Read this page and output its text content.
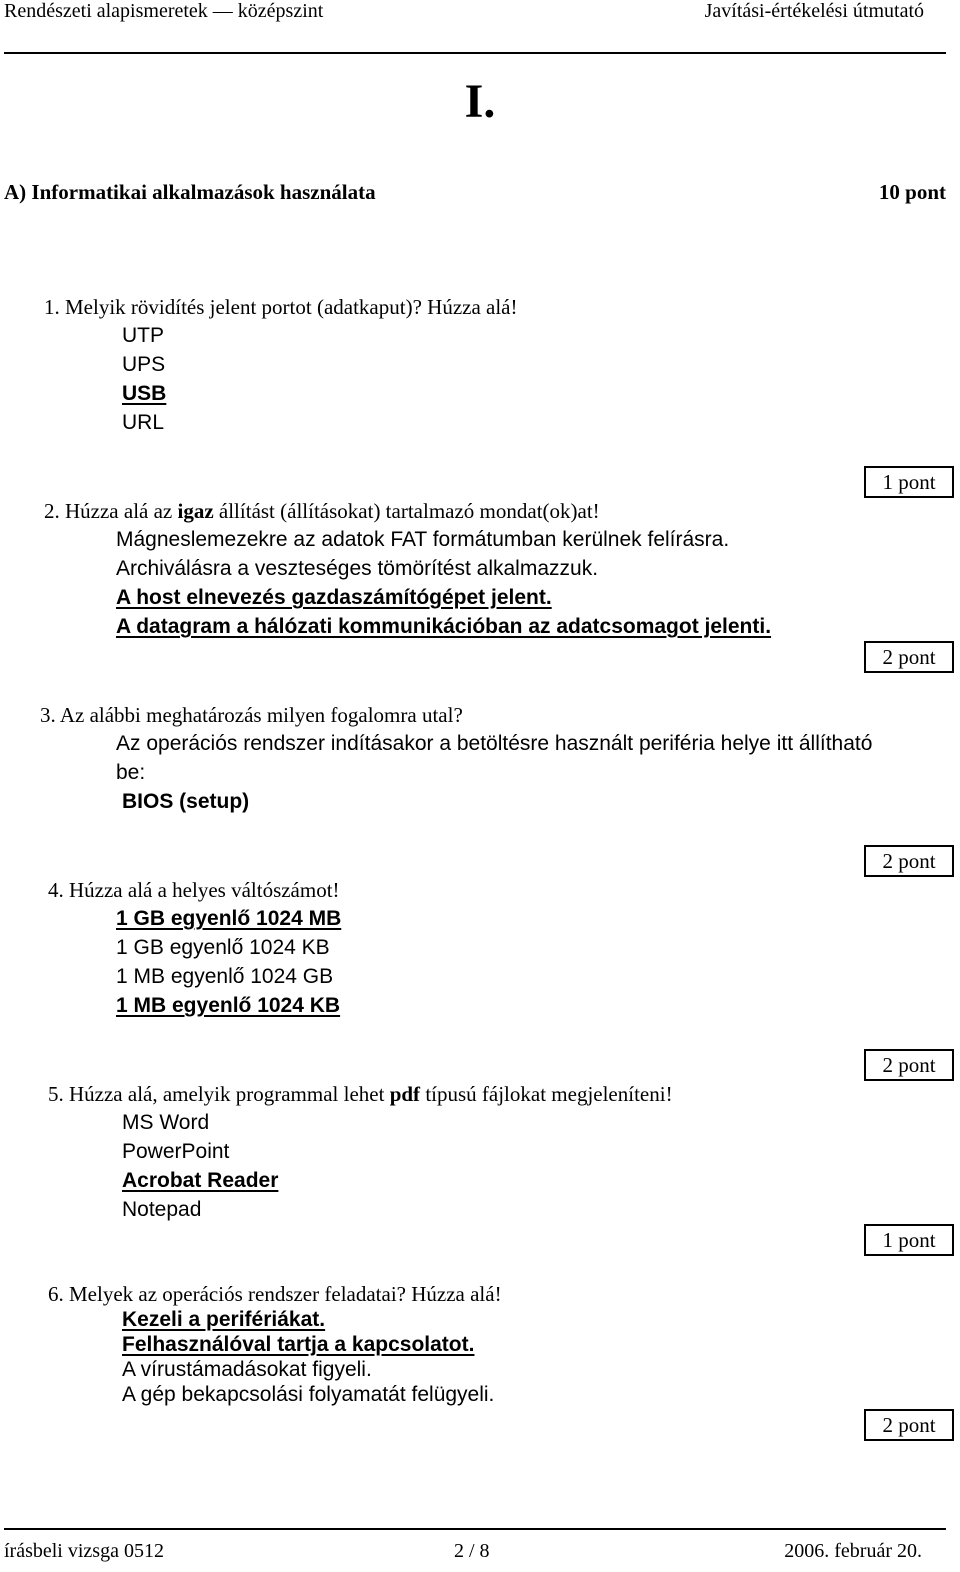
Rendészeti alapismeretek — középszint	Javítási-értékelési útmutató
I.
A) Informatikai alkalmazások használata	10 pont
1. Melyik rövidítés jelent portot (adatkaput)? Húzza alá!
UTP
UPS
USB
URL
1 pont
2. Húzza alá az igaz állítást (állításokat) tartalmazó mondat(ok)at!
Mágneslemezekre az adatok FAT formátumban kerülnek felírásra.
Archiválásra a veszteséges tömörítést alkalmazzuk.
A host elnevezés gazdaszámítógépet jelent.
A datagram a hálózati kommunikációban az adatcsomagot jelenti.
2 pont
3. Az alábbi meghatározás milyen fogalomra utal?
Az operációs rendszer indításakor a betöltésre használt periféria helye itt állítható
be:
BIOS (setup)
2 pont
4. Húzza alá a helyes váltószámot!
1 GB egyenlő 1024 MB
1 GB egyenlő 1024 KB
1 MB egyenlő 1024 GB
1 MB egyenlő 1024 KB
2 pont
5. Húzza alá, amelyik programmal lehet pdf típusú fájlokat megjeleníteni!
MS Word
PowerPoint
Acrobat Reader
Notepad
1 pont
6. Melyek az operációs rendszer feladatai? Húzza alá!
Kezeli a perifériákat.
Felhasználóval tartja a kapcsolatot.
A vírustámadásokat figyeli.
A gép bekapcsolási folyamatát felügyeli.
2 pont
írásbeli vizsga 0512	2 / 8	2006. február 20.
